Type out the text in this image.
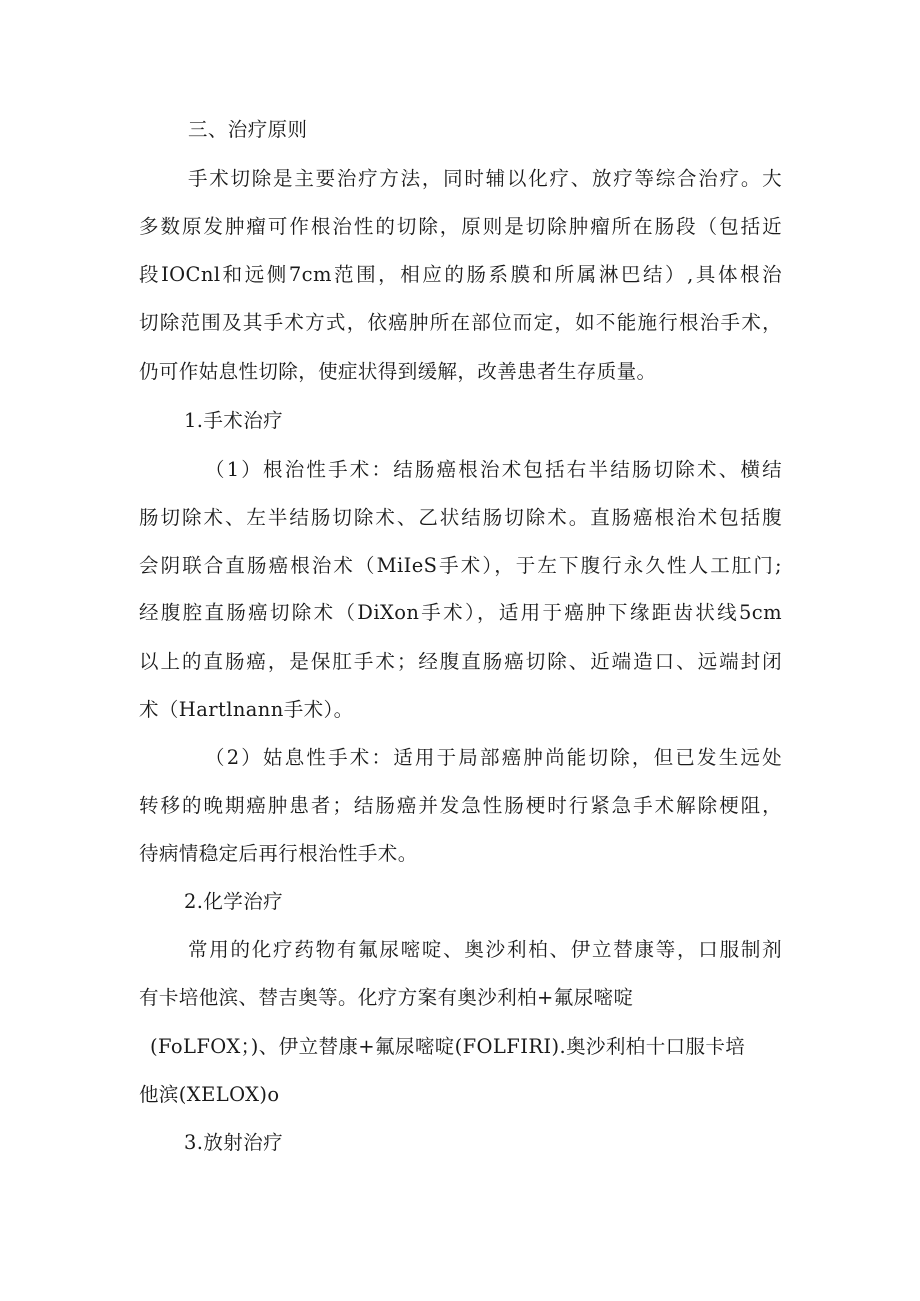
三、治疗原则
手术切除是主要治疗方法，同时辅以化疗、放疗等综合治疗。大
多数原发肿瘤可作根治性的切除，原则是切除肿瘤所在肠段（包括近
段IOCnl和远侧7cm范围，相应的肠系膜和所属淋巴结）,具体根治
切除范围及其手术方式，依癌肿所在部位而定，如不能施行根治手术，
仍可作姑息性切除，使症状得到缓解，改善患者生存质量。
1.手术治疗
（1）根治性手术：结肠癌根治术包括右半结肠切除术、横结
肠切除术、左半结肠切除术、乙状结肠切除术。直肠癌根治术包括腹
会阴联合直肠癌根治术（MiIeS手术），于左下腹行永久性人工肛门;
经腹腔直肠癌切除术（DiXon手术），适用于癌肿下缘距齿状线5cm
以上的直肠癌，是保肛手术；经腹直肠癌切除、近端造口、远端封闭
术（Hartlnann手术）。
（2）姑息性手术：适用于局部癌肿尚能切除，但已发生远处
转移的晚期癌肿患者；结肠癌并发急性肠梗时行紧急手术解除梗阻，
待病情稳定后再行根治性手术。
2.化学治疗
常用的化疗药物有氟尿嘧啶、奥沙利柏、伊立替康等，口服制剂
有卡培他滨、替吉奥等。化疗方案有奥沙利柏+氟尿嘧啶
(FoLFOX；)、伊立替康+氟尿嘧啶(FOLFIRI).奥沙利柏十口服卡培
他滨(XELOX)o
3.放射治疗
